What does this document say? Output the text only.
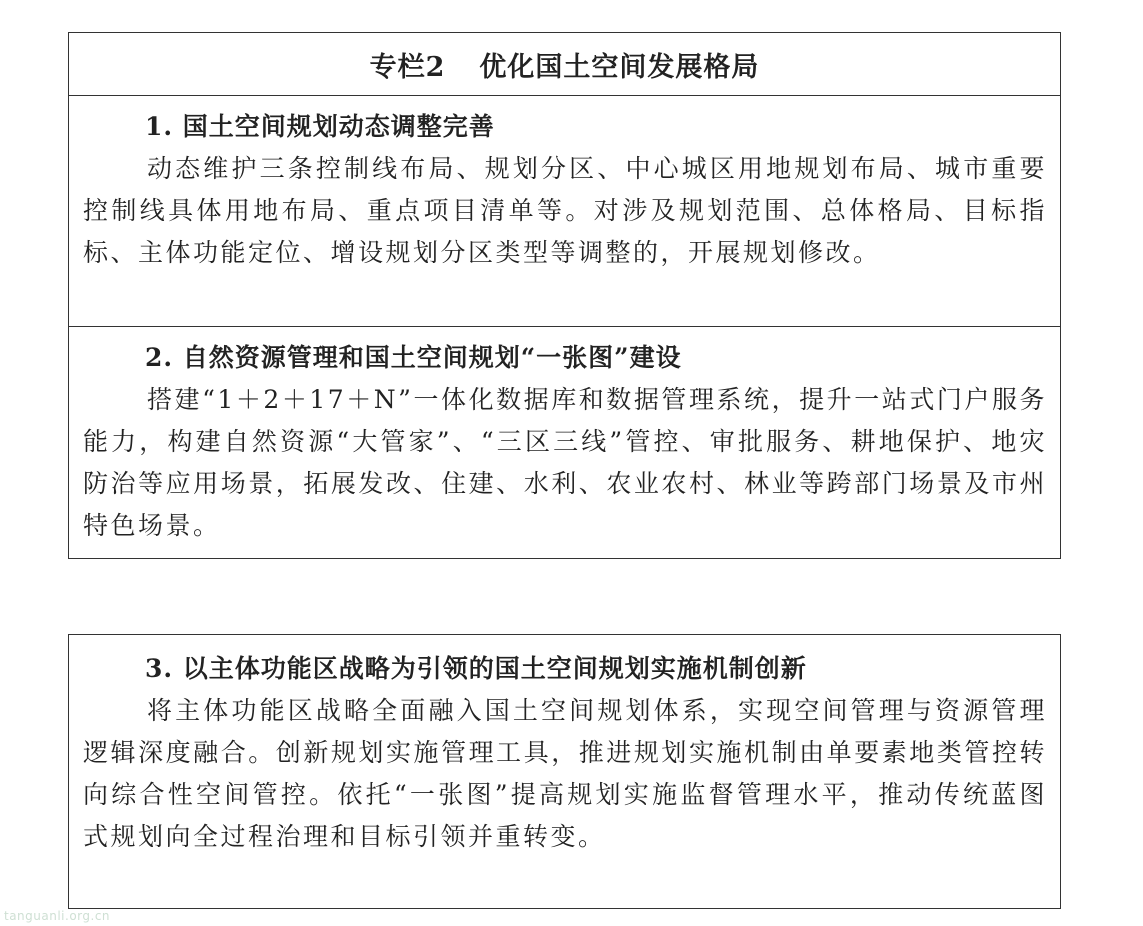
专栏2 优化国土空间发展格局
1. 国土空间规划动态调整完善

动态维护三条控制线布局、规划分区、中心城区用地规划布局、城市重要控制线具体用地布局、重点项目清单等。对涉及规划范围、总体格局、目标指标、主体功能定位、增设规划分区类型等调整的，开展规划修改。

2. 自然资源管理和国土空间规划“一张图”建设

搭建“1＋2＋17＋N”一体化数据库和数据管理系统，提升一站式门户服务能力，构建自然资源“大管家”、“三区三线”管控、审批服务、耕地保护、地灾防治等应用场景，拓展发改、住建、水利、农业农村、林业等跨部门场景及市州特色场景。

3. 以主体功能区战略为引领的国土空间规划实施机制创新

将主体功能区战略全面融入国土空间规划体系，实现空间管理与资源管理逻辑深度融合。创新规划实施管理工具，推进规划实施机制由单要素地类管控转向综合性空间管控。依托“一张图”提高规划实施监督管理水平，推动传统蓝图式规划向全过程治理和目标引领并重转变。

tanguanli.org.cn
